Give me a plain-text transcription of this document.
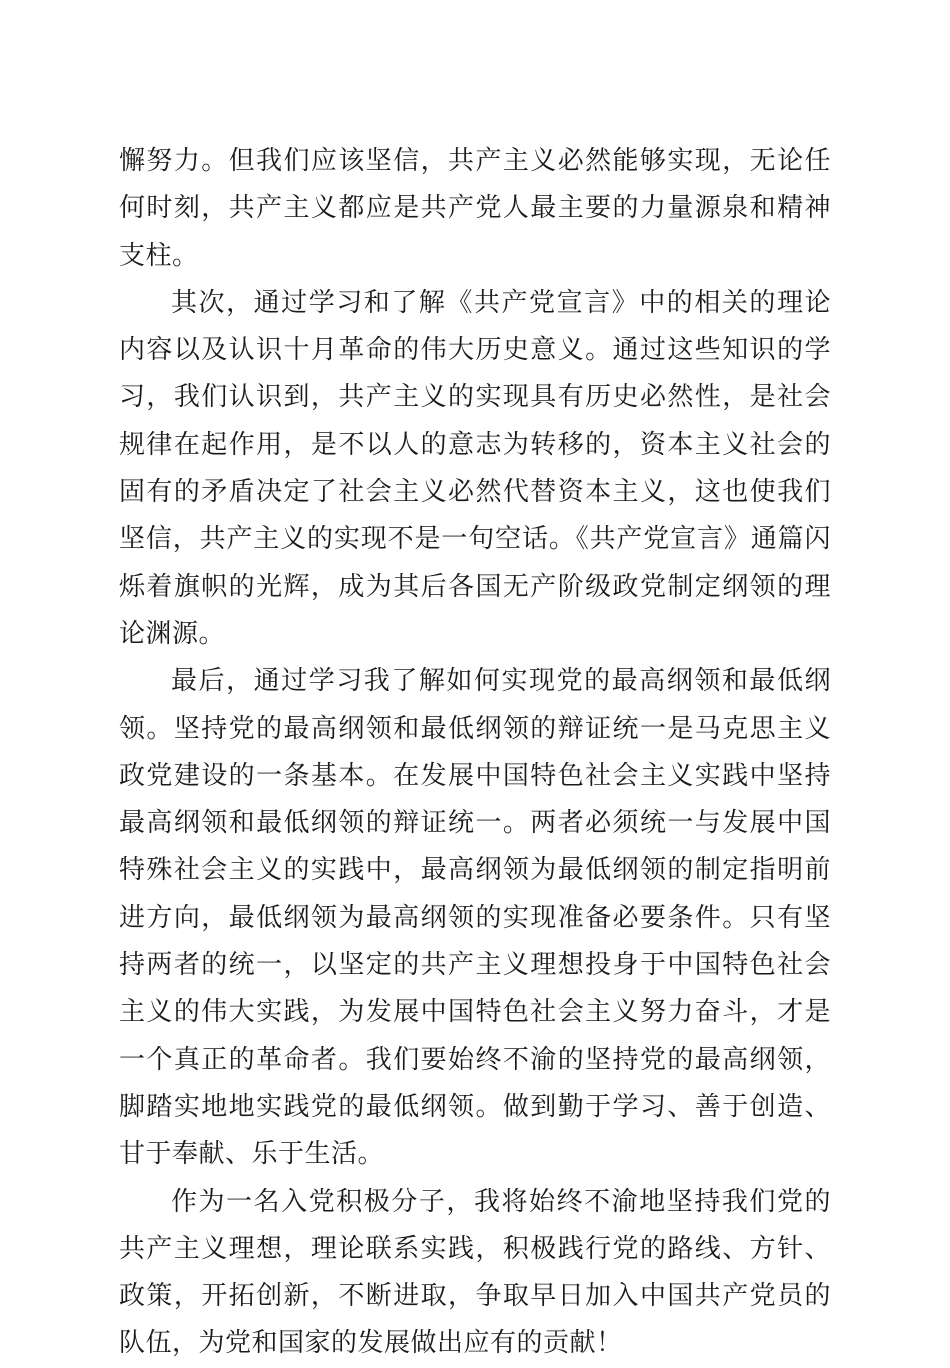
懈努力。但我们应该坚信，共产主义必然能够实现，无论任何时刻，共产主义都应是共产党人最主要的力量源泉和精神支柱。

其次，通过学习和了解《共产党宣言》中的相关的理论内容以及认识十月革命的伟大历史意义。通过这些知识的学习，我们认识到，共产主义的实现具有历史必然性，是社会规律在起作用，是不以人的意志为转移的，资本主义社会的固有的矛盾决定了社会主义必然代替资本主义，这也使我们坚信，共产主义的实现不是一句空话。《共产党宣言》通篇闪烁着旗帜的光辉，成为其后各国无产阶级政党制定纲领的理论渊源。

最后，通过学习我了解如何实现党的最高纲领和最低纲领。坚持党的最高纲领和最低纲领的辩证统一是马克思主义政党建设的一条基本。在发展中国特色社会主义实践中坚持最高纲领和最低纲领的辩证统一。两者必须统一与发展中国特殊社会主义的实践中，最高纲领为最低纲领的制定指明前进方向，最低纲领为最高纲领的实现准备必要条件。只有坚持两者的统一，以坚定的共产主义理想投身于中国特色社会主义的伟大实践，为发展中国特色社会主义努力奋斗，才是一个真正的革命者。我们要始终不渝的坚持党的最高纲领，脚踏实地地实践党的最低纲领。做到勤于学习、善于创造、甘于奉献、乐于生活。

作为一名入党积极分子，我将始终不渝地坚持我们党的共产主义理想，理论联系实践，积极践行党的路线、方针、政策，开拓创新，不断进取，争取早日加入中国共产党员的队伍，为党和国家的发展做出应有的贡献！
